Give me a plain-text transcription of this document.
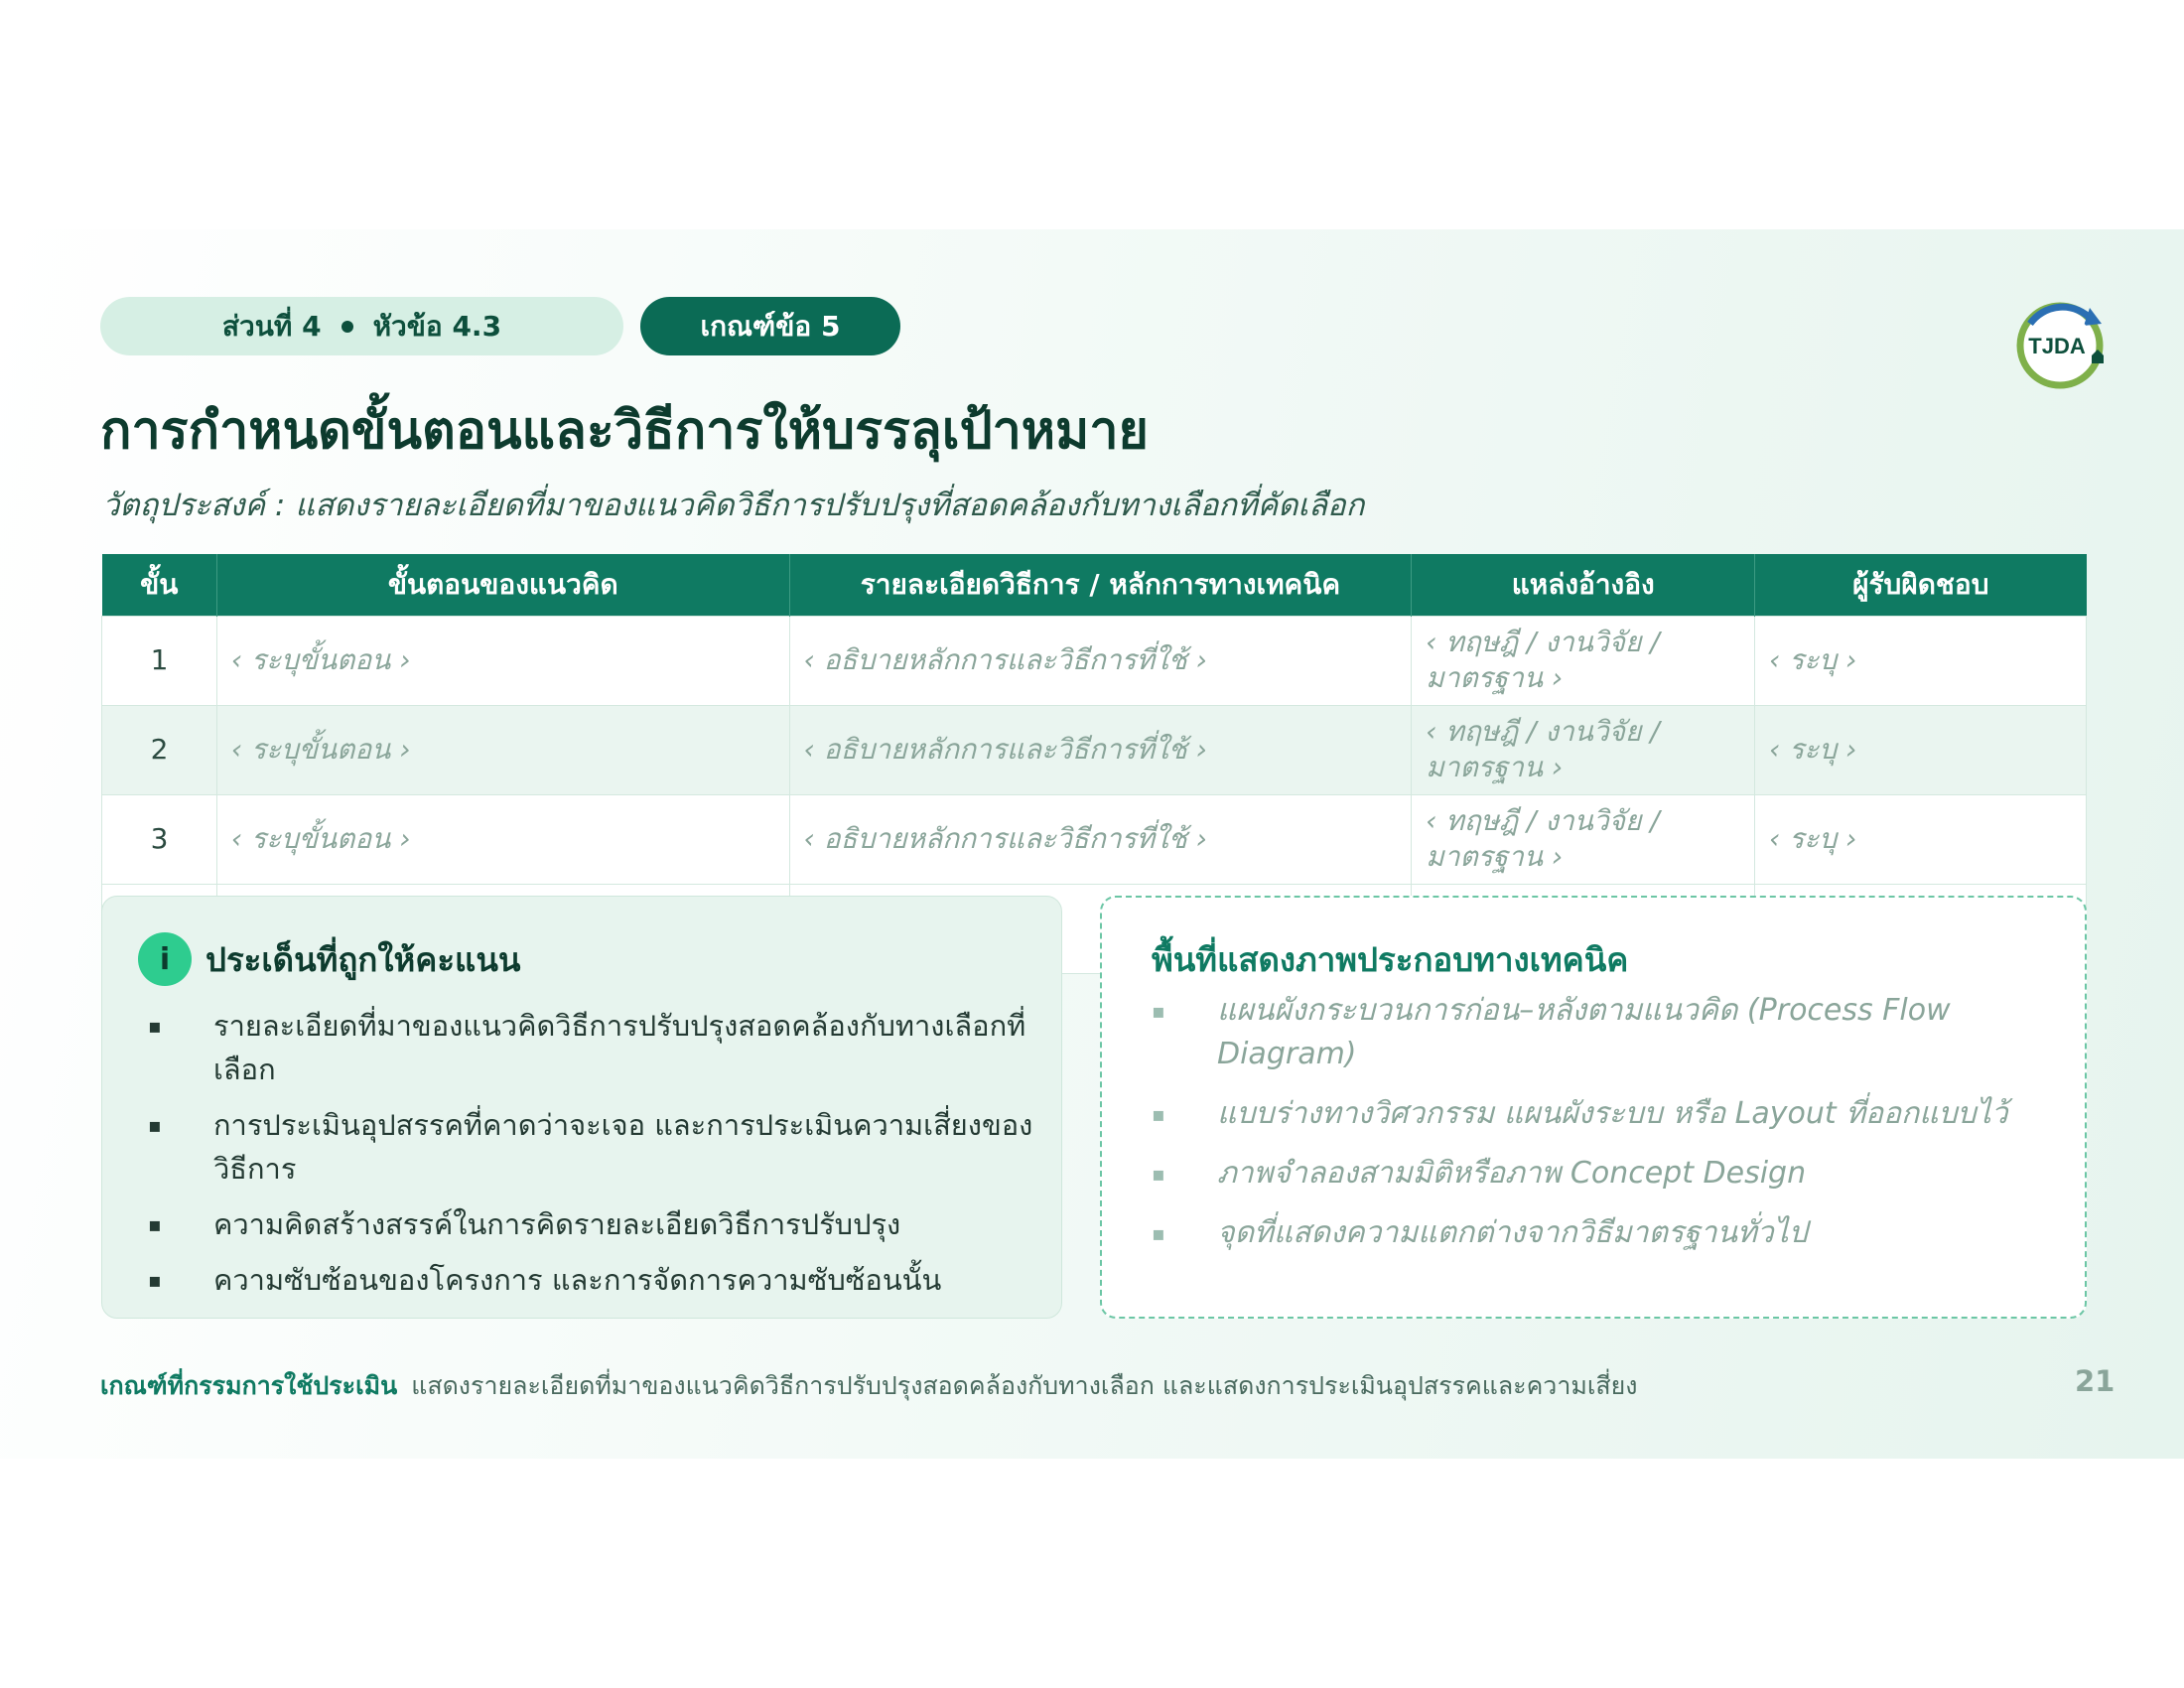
ส่วนที่ 4 หัวข้อ 4.3	เกณฑ์ข้อ 5
TJDA
การกำหนดขั้นตอนและวิธีการให้บรรลุเป้าหมาย
วัตถุประสงค์ : แสดงรายละเอียดที่มาของแนวคิดวิธีการปรับปรุงที่สอดคล้องกับทางเลือกที่คัดเลือก
ขั้น	ขั้นตอนของแนวคิด	รายละเอียดวิธีการ / หลักการทางเทคนิค	แหล่งอ้างอิง	ผู้รับผิดชอบ
1	‹ ระบุขั้นตอน ›	‹ อธิบายหลักการและวิธีการที่ใช้ ›	‹ ทฤษฎี / งานวิจัย / มาตรฐาน ›	‹ ระบุ ›
2	‹ ระบุขั้นตอน ›	‹ อธิบายหลักการและวิธีการที่ใช้ ›	‹ ทฤษฎี / งานวิจัย / มาตรฐาน ›	‹ ระบุ ›
3	‹ ระบุขั้นตอน ›	‹ อธิบายหลักการและวิธีการที่ใช้ ›	‹ ทฤษฎี / งานวิจัย / มาตรฐาน ›	‹ ระบุ ›

i	ประเด็นที่ถูกให้คะแนน
▪	รายละเอียดที่มาของแนวคิดวิธีการปรับปรุงสอดคล้องกับทางเลือกที่เลือก
▪	การประเมินอุปสรรคที่คาดว่าจะเจอ และการประเมินความเสี่ยงของวิธีการ
▪	ความคิดสร้างสรรค์ในการคิดรายละเอียดวิธีการปรับปรุง
▪	ความซับซ้อนของโครงการ และการจัดการความซับซ้อนนั้น
พื้นที่แสดงภาพประกอบทางเทคนิค
▪	แผนผังกระบวนการก่อน–หลังตามแนวคิด (Process Flow Diagram)
▪	แบบร่างทางวิศวกรรม แผนผังระบบ หรือ Layout ที่ออกแบบไว้
▪	ภาพจำลองสามมิติหรือภาพ Concept Design
▪	จุดที่แสดงความแตกต่างจากวิธีมาตรฐานทั่วไป
เกณฑ์ที่กรรมการใช้ประเมิน แสดงรายละเอียดที่มาของแนวคิดวิธีการปรับปรุงสอดคล้องกับทางเลือก และแสดงการประเมินอุปสรรคและความเสี่ยง	21
